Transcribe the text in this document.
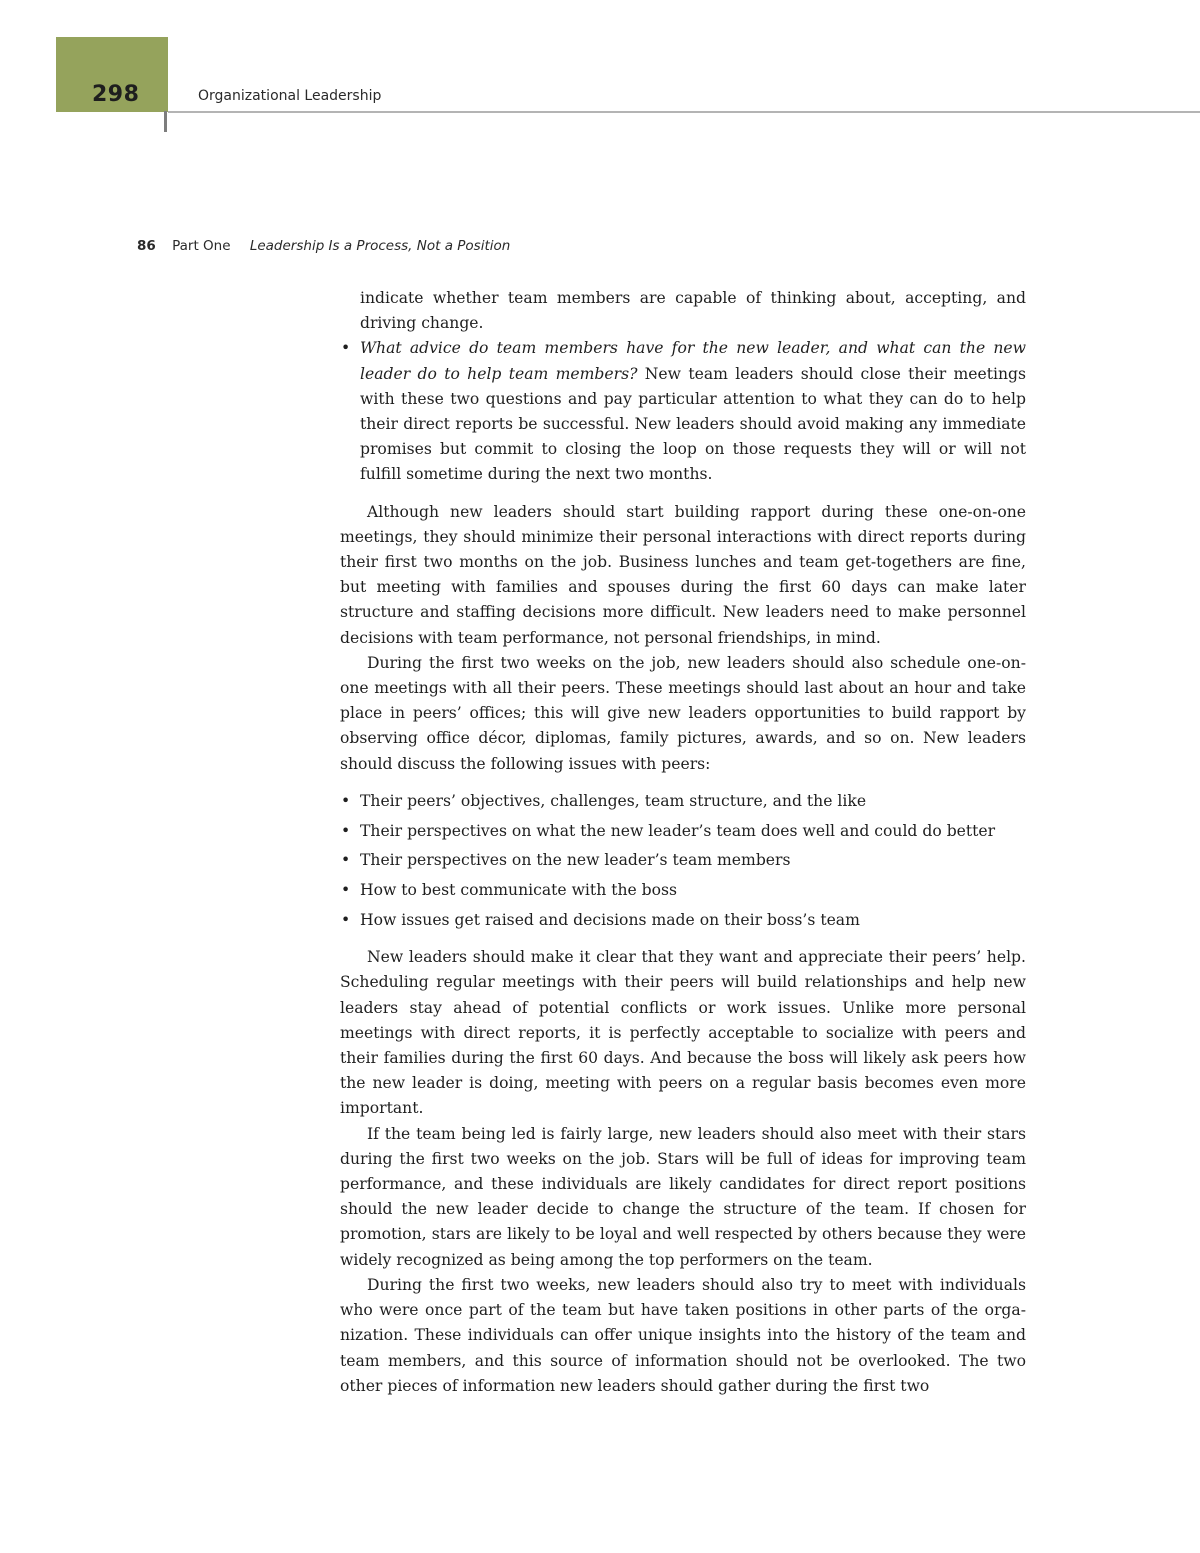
298	Organizational Leadership
86 Part One Leadership Is a Process, Not a Position

indicate whether team members are capable of thinking about, accepting, and driving change.

• What advice do team members have for the new leader, and what can the new leader do to help team members? New team leaders should close their meetings with these two questions and pay particular attention to what they can do to help their direct reports be successful. New leaders should avoid making any immediate promises but commit to closing the loop on those requests they will or will not fulfill sometime during the next two months.

Although new leaders should start building rapport during these one-on-one meetings, they should minimize their personal interactions with direct reports during their first two months on the job. Business lunches and team get-togethers are fine, but meeting with families and spouses during the first 60 days can make later structure and staffing decisions more difficult. New leaders need to make personnel decisions with team performance, not personal friendships, in mind.

During the first two weeks on the job, new leaders should also schedule one-on-one meetings with all their peers. These meetings should last about an hour and take place in peers’ offices; this will give new leaders opportunities to build rapport by observing office décor, diplomas, family pictures, awards, and so on. New leaders should discuss the following issues with peers:

• Their peers’ objectives, challenges, team structure, and the like
• Their perspectives on what the new leader’s team does well and could do better
• Their perspectives on the new leader’s team members
• How to best communicate with the boss
• How issues get raised and decisions made on their boss’s team

New leaders should make it clear that they want and appreciate their peers’ help. Scheduling regular meetings with their peers will build relationships and help new leaders stay ahead of potential conflicts or work issues. Unlike more personal meetings with direct reports, it is perfectly acceptable to socialize with peers and their families during the first 60 days. And because the boss will likely ask peers how the new leader is doing, meeting with peers on a regular basis becomes even more important.

If the team being led is fairly large, new leaders should also meet with their stars during the first two weeks on the job. Stars will be full of ideas for improving team performance, and these individuals are likely candidates for direct report positions should the new leader decide to change the structure of the team. If chosen for promotion, stars are likely to be loyal and well respected by others because they were widely recognized as being among the top performers on the team.

During the first two weeks, new leaders should also try to meet with individuals who were once part of the team but have taken positions in other parts of the organization. These individuals can offer unique insights into the history of the team and team members, and this source of information should not be overlooked. The two other pieces of information new leaders should gather during the first two
